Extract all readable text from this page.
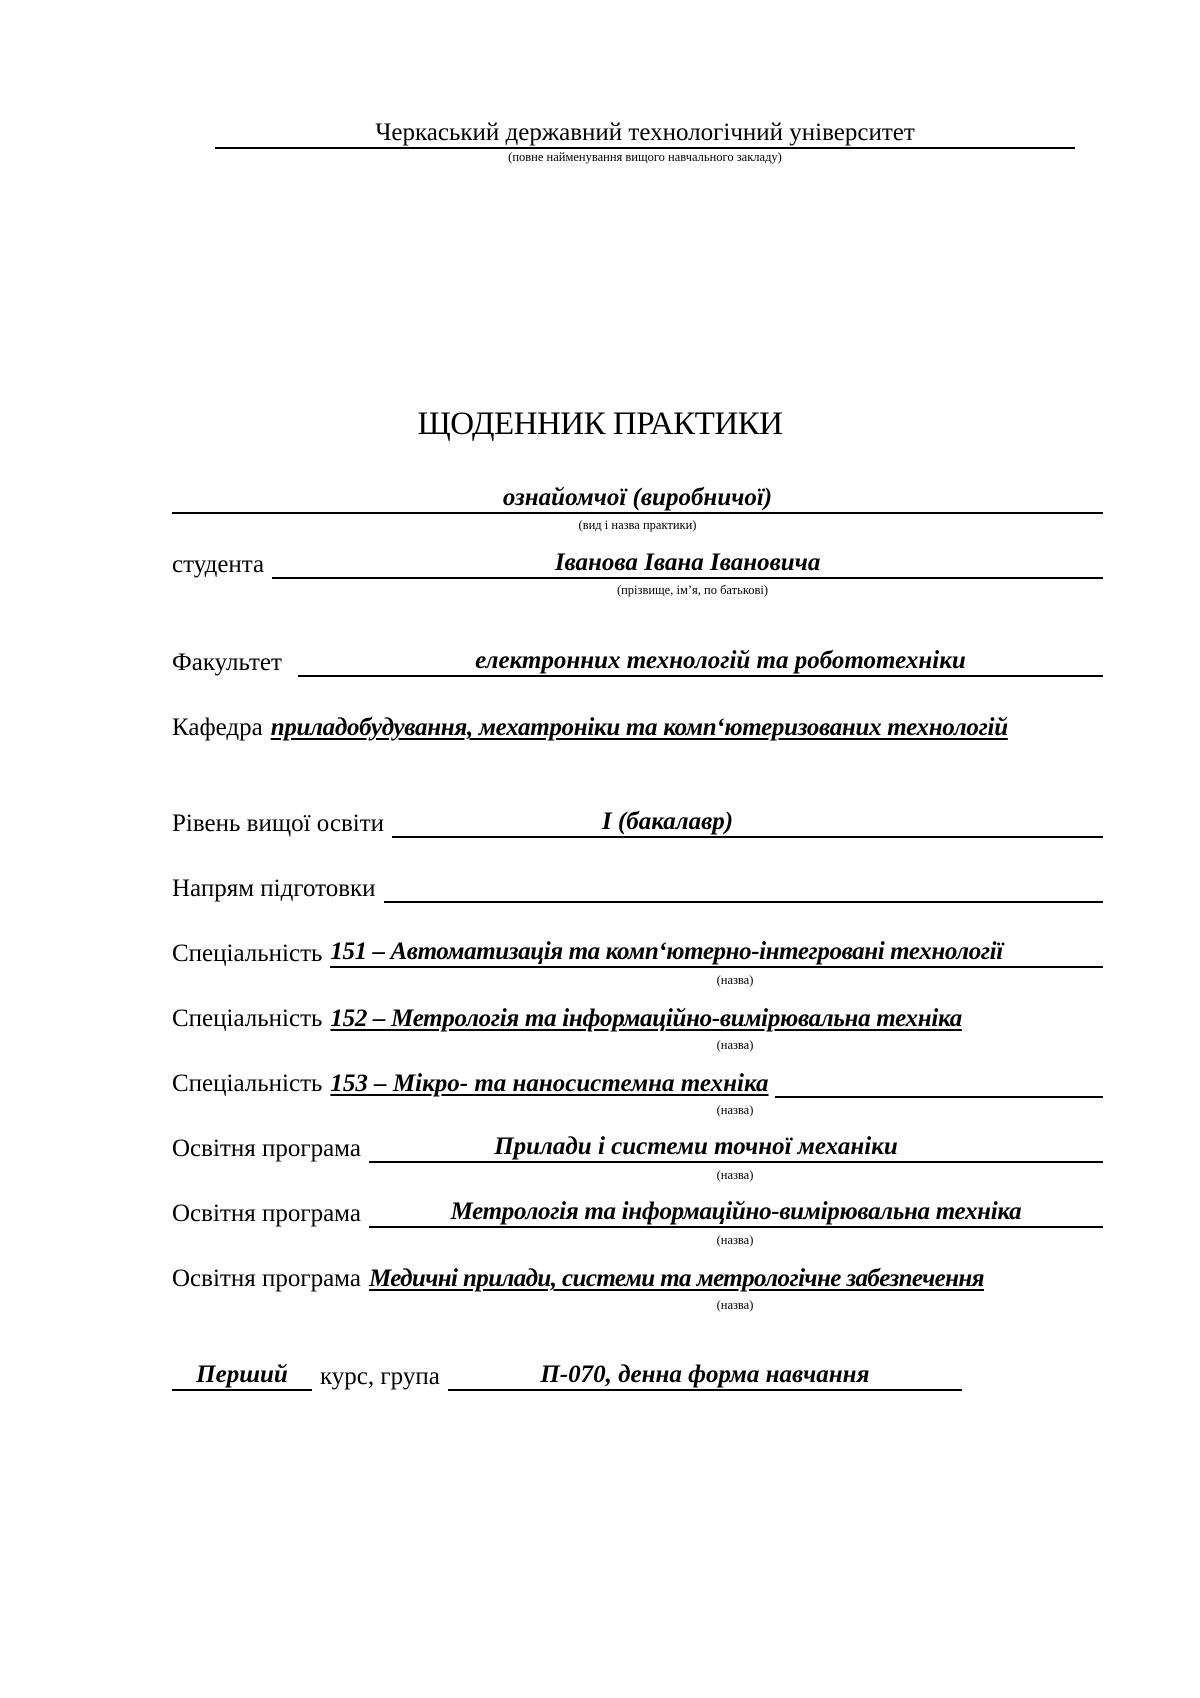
Черкаський державний технологічний університет
(повне найменування вищого навчального закладу)
ЩОДЕННИК ПРАКТИКИ
ознайомчої (виробничої)
(вид і назва практики)
студента	Іванова Івана Івановича
(прізвище, ім’я, по батькові)
Факультет	електронних технологій та робототехніки
Кафедра приладобудування, мехатроніки та комп‘ютеризованих технологій
Рівень вищої освіти	I (бакалавр)
Напрям підготовки
Спеціальність 151 – Автоматизація та комп‘ютерно-інтегровані технології
(назва)
Спеціальність 152 – Метрологія та інформаційно-вимірювальна техніка
(назва)
Спеціальність 153 – Мікро- та наносистемна техніка
(назва)
Освітня програма	Прилади і системи точної механіки
(назва)
Освітня програма	Метрологія та інформаційно-вимірювальна техніка
(назва)
Освітня програма Медичні прилади, системи та метрологічне забезпечення
(назва)
Перший	курс, група	П-070, денна форма навчання
